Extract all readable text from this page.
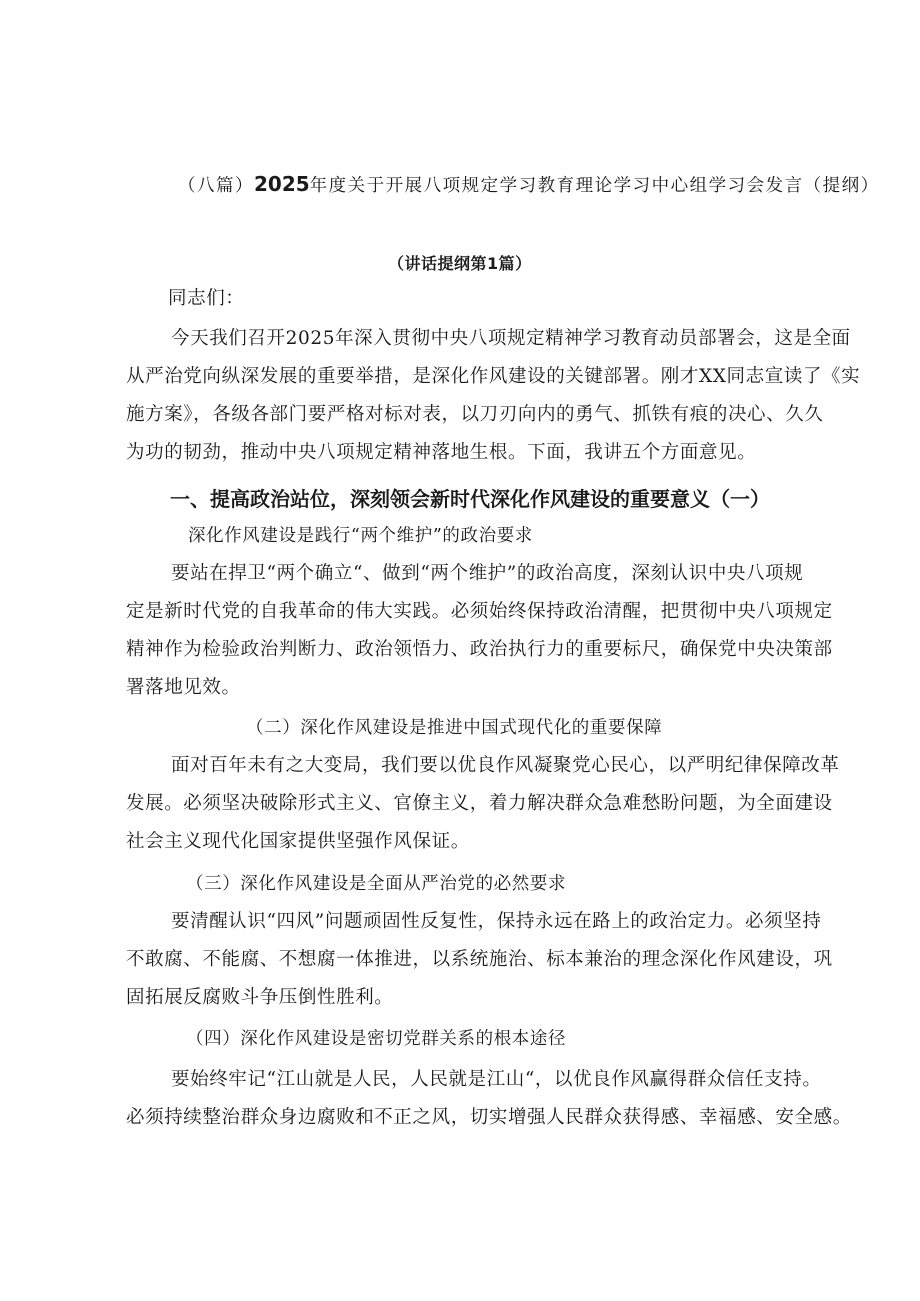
（八篇）2025年度关于开展八项规定学习教育理论学习中心组学习会发言（提纲）
（讲话提纲第1篇）
同志们：
今天我们召开2025年深入贯彻中央八项规定精神学习教育动员部署会，这是全面
从严治党向纵深发展的重要举措，是深化作风建设的关键部署。刚才XX同志宣读了《实
施方案》，各级各部门要严格对标对表，以刀刃向内的勇气、抓铁有痕的决心、久久
为功的韧劲，推动中央八项规定精神落地生根。下面，我讲五个方面意见。
一、提高政治站位，深刻领会新时代深化作风建设的重要意义（一）
深化作风建设是践行“两个维护”的政治要求
要站在捍卫“两个确立“、做到“两个维护”的政治高度，深刻认识中央八项规
定是新时代党的自我革命的伟大实践。必须始终保持政治清醒，把贯彻中央八项规定
精神作为检验政治判断力、政治领悟力、政治执行力的重要标尺，确保党中央决策部
署落地见效。
（二）深化作风建设是推进中国式现代化的重要保障
面对百年未有之大变局，我们要以优良作风凝聚党心民心，以严明纪律保障改革
发展。必须坚决破除形式主义、官僚主义，着力解决群众急难愁盼问题，为全面建设
社会主义现代化国家提供坚强作风保证。
（三）深化作风建设是全面从严治党的必然要求
要清醒认识“四风”问题顽固性反复性，保持永远在路上的政治定力。必须坚持
不敢腐、不能腐、不想腐一体推进，以系统施治、标本兼治的理念深化作风建设，巩
固拓展反腐败斗争压倒性胜利。
（四）深化作风建设是密切党群关系的根本途径
要始终牢记“江山就是人民，人民就是江山“，以优良作风赢得群众信任支持。
必须持续整治群众身边腐败和不正之风，切实增强人民群众获得感、幸福感、安全感。
